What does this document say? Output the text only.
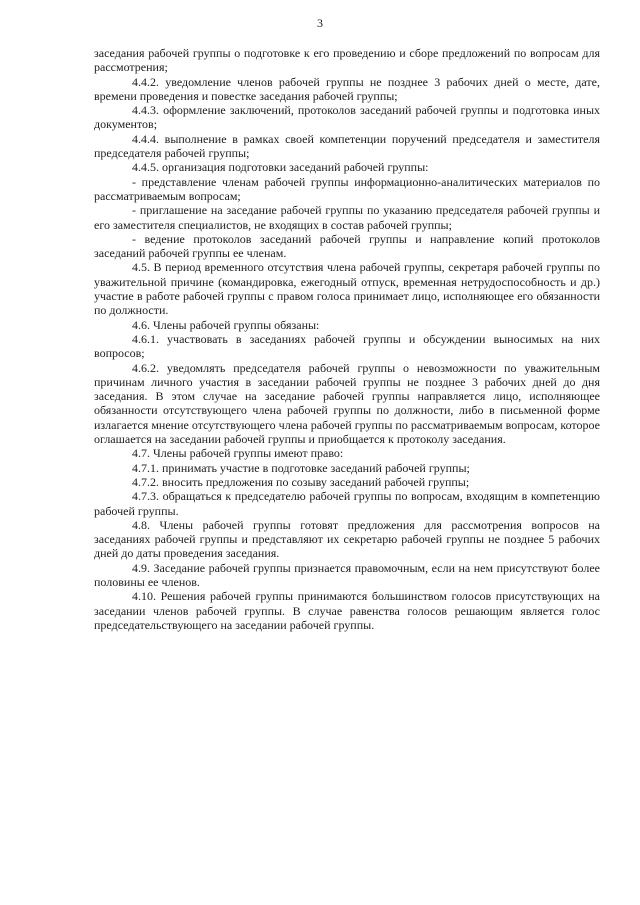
3

заседания рабочей группы о подготовке к его проведению и сборе предложений по вопросам для рассмотрения;

4.4.2. уведомление членов рабочей группы не позднее 3 рабочих дней о месте, дате, времени проведения и повестке заседания рабочей группы;

4.4.3. оформление заключений, протоколов заседаний рабочей группы и подготовка иных документов;

4.4.4. выполнение в рамках своей компетенции поручений председателя и заместителя председателя рабочей группы;

4.4.5. организация подготовки заседаний рабочей группы:

- представление членам рабочей группы информационно-аналитических материалов по рассматриваемым вопросам;

- приглашение на заседание рабочей группы по указанию председателя рабочей группы и его заместителя специалистов, не входящих в состав рабочей группы;

- ведение протоколов заседаний рабочей группы и направление копий протоколов заседаний рабочей группы ее членам.

4.5. В период временного отсутствия члена рабочей группы, секретаря рабочей группы по уважительной причине (командировка, ежегодный отпуск, временная нетрудоспособность и др.) участие в работе рабочей группы с правом голоса принимает лицо, исполняющее его обязанности по должности.

4.6. Члены рабочей группы обязаны:

4.6.1. участвовать в заседаниях рабочей группы и обсуждении выносимых на них вопросов;

4.6.2. уведомлять председателя рабочей группы о невозможности по уважительным причинам личного участия в заседании рабочей группы не позднее 3 рабочих дней до дня заседания. В этом случае на заседание рабочей группы направляется лицо, исполняющее обязанности отсутствующего члена рабочей группы по должности, либо в письменной форме излагается мнение отсутствующего члена рабочей группы по рассматриваемым вопросам, которое оглашается на заседании рабочей группы и приобщается к протоколу заседания.

4.7. Члены рабочей группы имеют право:

4.7.1. принимать участие в подготовке заседаний рабочей группы;

4.7.2. вносить предложения по созыву заседаний рабочей группы;

4.7.3. обращаться к председателю рабочей группы по вопросам, входящим в компетенцию рабочей группы.

4.8. Члены рабочей группы готовят предложения для рассмотрения вопросов на заседаниях рабочей группы и представляют их секретарю рабочей группы не позднее 5 рабочих дней до даты проведения заседания.

4.9. Заседание рабочей группы признается правомочным, если на нем присутствуют более половины ее членов.

4.10. Решения рабочей группы принимаются большинством голосов присутствующих на заседании членов рабочей группы. В случае равенства голосов решающим является голос председательствующего на заседании рабочей группы.
